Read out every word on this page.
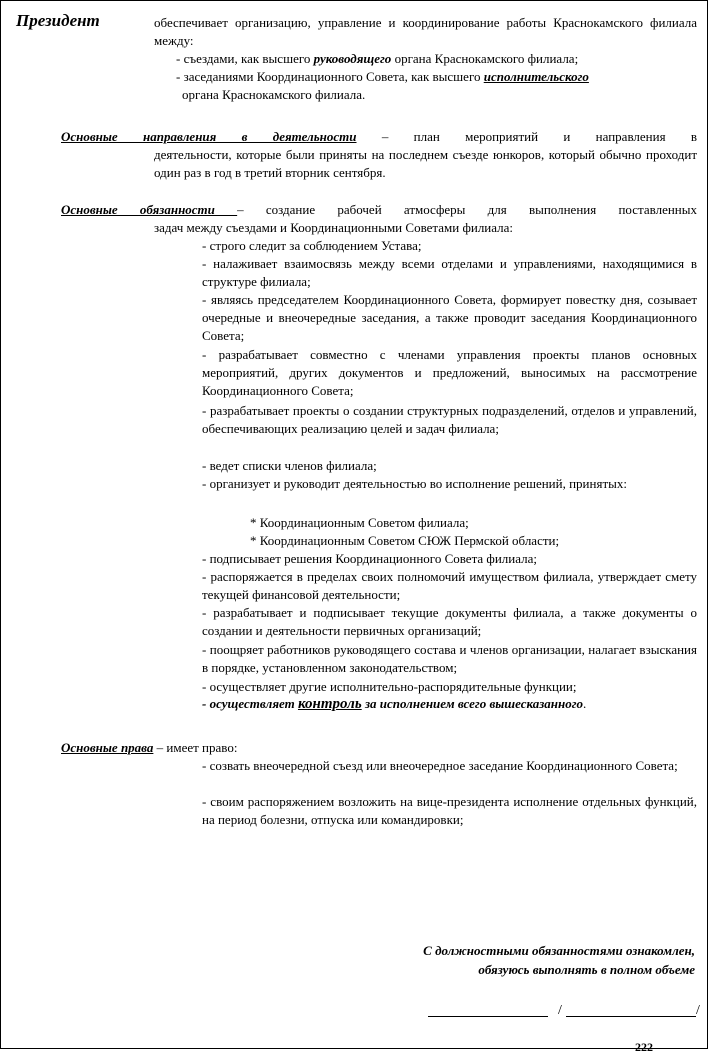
Президент	обеспечивает организацию, управление и координирование работы Краснокамского филиала между:
- съездами, как высшего руководящего органа Краснокамского филиала;
- заседаниями Координационного Совета, как высшего исполнительского
органа Краснокамского филиала.
Основные направления в деятельности – план мероприятий и направления в
деятельности, которые были приняты на последнем съезде юнкоров, который обычно проходит один раз в год в третий вторник сентября.
Основные обязанности – создание рабочей атмосферы для выполнения поставленных
задач между съездами и Координационными Советами филиала:
- строго следит за соблюдением Устава;
- налаживает взаимосвязь между всеми отделами и управлениями, находящимися в структуре филиала;
- являясь председателем Координационного Совета, формирует повестку дня, созывает очередные и внеочередные заседания, а также проводит заседания Координационного Совета;
- разрабатывает совместно с членами управления проекты планов основных мероприятий, других документов и предложений, выносимых на рассмотрение Координационного Совета;
- разрабатывает проекты о создании структурных подразделений, отделов и управлений, обеспечивающих реализацию целей и задач филиала;
- ведет списки членов филиала;
- организует и руководит деятельностью во исполнение решений, принятых:
* Координационным Советом филиала;
* Координационным Советом СЮЖ Пермской области;
- подписывает решения Координационного Совета филиала;
- распоряжается в пределах своих полномочий имуществом филиала, утверждает смету текущей финансовой деятельности;
- разрабатывает и подписывает текущие документы филиала, а также документы о создании и деятельности первичных организаций;
- поощряет работников руководящего состава и членов организации, налагает взыскания в порядке, установленном законодательством;
- осуществляет другие исполнительно-распорядительные функции;
- осуществляет контроль за исполнением всего вышесказанного.
Основные права – имеет право:
- созвать внеочередной съезд или внеочередное заседание Координационного Совета;
- своим распоряжением возложить на вице-президента исполнение отдельных функций, на период болезни, отпуска или командировки;
С должностными обязанностями ознакомлен,
обязуюсь выполнять в полном объеме
/	/
222
